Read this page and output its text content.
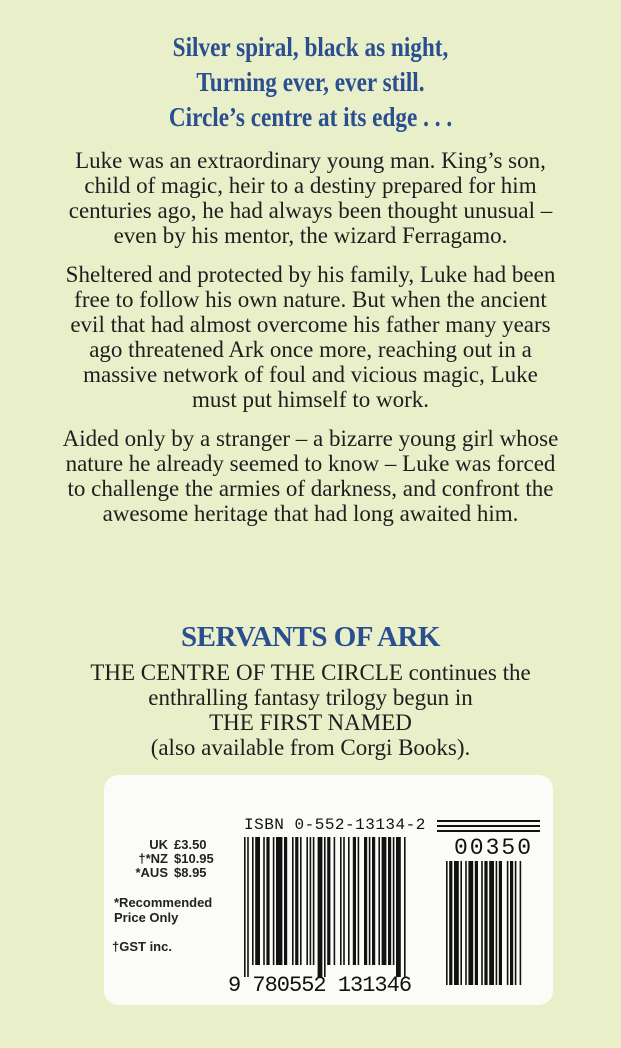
Silver spiral, black as night,
Turning ever, ever still.
Circle’s centre at its edge . . .

Luke was an extraordinary young man. King’s son, child of magic, heir to a destiny prepared for him centuries ago, he had always been thought unusual – even by his mentor, the wizard Ferragamo.

Sheltered and protected by his family, Luke had been free to follow his own nature. But when the ancient evil that had almost overcome his father many years ago threatened Ark once more, reaching out in a massive network of foul and vicious magic, Luke must put himself to work.

Aided only by a stranger – a bizarre young girl whose nature he already seemed to know – Luke was forced to challenge the armies of darkness, and confront the awesome heritage that had long awaited him.

SERVANTS OF ARK
THE CENTRE OF THE CIRCLE continues the
enthralling fantasy trilogy begun in
THE FIRST NAMED
(also available from Corgi Books).
UK £3.50
†*NZ $10.95
*AUS $8.95
*Recommended
Price Only
†GST inc.
ISBN 0-552-13134-2
9 780552 131346
00350
